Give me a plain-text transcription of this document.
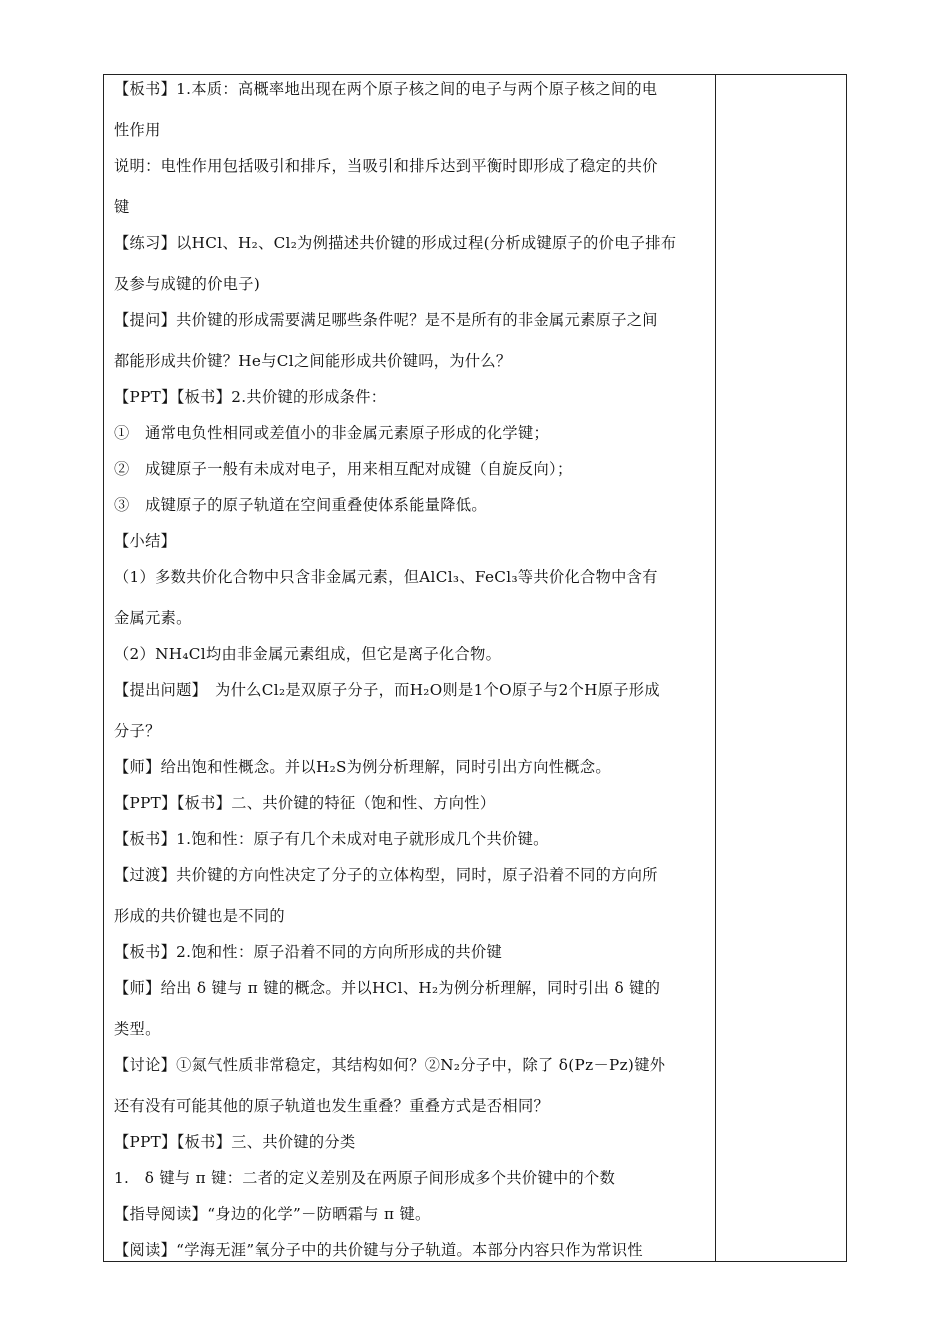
【板书】1.本质：高概率地出现在两个原子核之间的电子与两个原子核之间的电
性作用
说明：电性作用包括吸引和排斥，当吸引和排斥达到平衡时即形成了稳定的共价
键
【练习】以HCl、H₂、Cl₂为例描述共价键的形成过程(分析成键原子的价电子排布
及参与成键的价电子)
【提问】共价键的形成需要满足哪些条件呢？是不是所有的非金属元素原子之间
都能形成共价键？He与Cl之间能形成共价键吗，为什么？
【PPT】【板书】2.共价键的形成条件：
①　通常电负性相同或差值小的非金属元素原子形成的化学键；
②　成键原子一般有未成对电子，用来相互配对成键（自旋反向）；
③　成键原子的原子轨道在空间重叠使体系能量降低。
【小结】
（1）多数共价化合物中只含非金属元素，但AlCl₃、FeCl₃等共价化合物中含有
金属元素。
（2）NH₄Cl均由非金属元素组成，但它是离子化合物。
【提出问题】　为什么Cl₂是双原子分子，而H₂O则是1个O原子与2个H原子形成
分子？
【师】给出饱和性概念。并以H₂S为例分析理解，同时引出方向性概念。
【PPT】【板书】二、共价键的特征（饱和性、方向性）
【板书】1.饱和性：原子有几个未成对电子就形成几个共价键。
【过渡】共价键的方向性决定了分子的立体构型，同时，原子沿着不同的方向所
形成的共价键也是不同的
【板书】2.饱和性：原子沿着不同的方向所形成的共价键
【师】给出 δ 键与 π 键的概念。并以HCl、H₂为例分析理解，同时引出 δ 键的
类型。
【讨论】①氮气性质非常稳定，其结构如何？②N₂分子中，除了 δ(Pz－Pz)键外
还有没有可能其他的原子轨道也发生重叠？重叠方式是否相同？
【PPT】【板书】三、共价键的分类
1.　δ 键与 π 键：二者的定义差别及在两原子间形成多个共价键中的个数
【指导阅读】“身边的化学”－防晒霜与 π 键。
【阅读】“学海无涯”氧分子中的共价键与分子轨道。本部分内容只作为常识性
